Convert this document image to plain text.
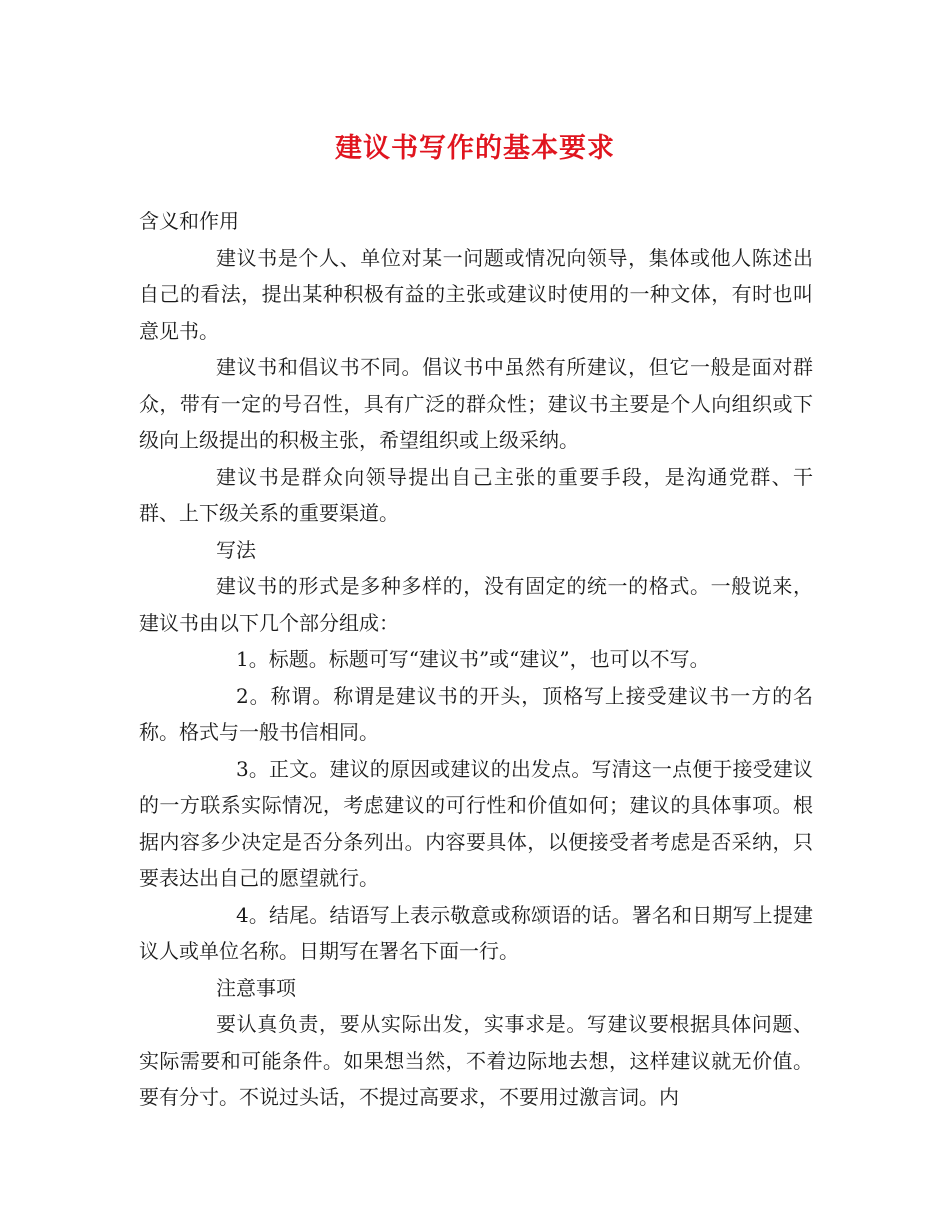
建议书写作的基本要求

含义和作用

建议书是个人、单位对某一问题或情况向领导，集体或他人陈述出自己的看法，提出某种积极有益的主张或建议时使用的一种文体，有时也叫意见书。

建议书和倡议书不同。倡议书中虽然有所建议，但它一般是面对群众，带有一定的号召性，具有广泛的群众性；建议书主要是个人向组织或下级向上级提出的积极主张，希望组织或上级采纳。

建议书是群众向领导提出自己主张的重要手段，是沟通党群、干群、上下级关系的重要渠道。

写法

建议书的形式是多种多样的，没有固定的统一的格式。一般说来，建议书由以下几个部分组成：

1。标题。标题可写“建议书”或“建议”，也可以不写。

2。称谓。称谓是建议书的开头，顶格写上接受建议书一方的名称。格式与一般书信相同。

3。正文。建议的原因或建议的出发点。写清这一点便于接受建议的一方联系实际情况，考虑建议的可行性和价值如何；建议的具体事项。根据内容多少决定是否分条列出。内容要具体，以便接受者考虑是否采纳，只要表达出自己的愿望就行。

4。结尾。结语写上表示敬意或称颂语的话。署名和日期写上提建议人或单位名称。日期写在署名下面一行。

注意事项

要认真负责，要从实际出发，实事求是。写建议要根据具体问题、实际需要和可能条件。如果想当然，不着边际地去想，这样建议就无价值。要有分寸。不说过头话，不提过高要求，不要用过激言词。内
